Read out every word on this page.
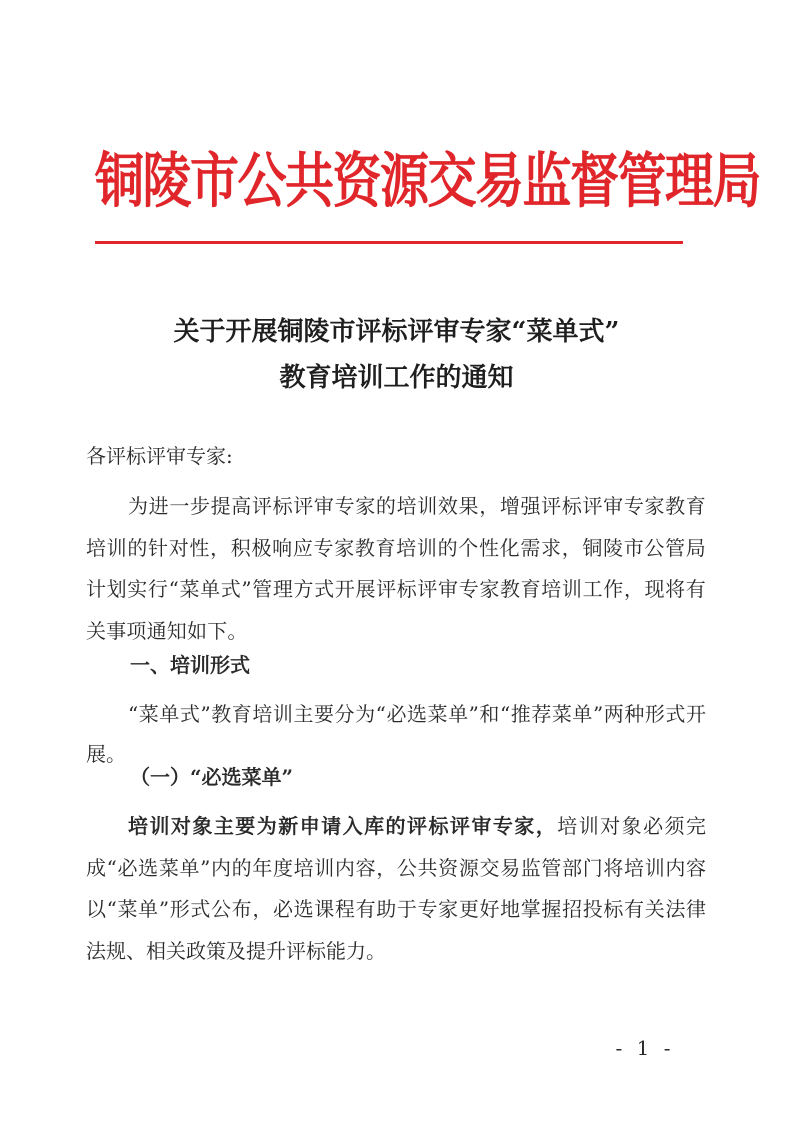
铜陵市公共资源交易监督管理局
关于开展铜陵市评标评审专家“菜单式”
教育培训工作的通知
各评标评审专家:
为进一步提高评标评审专家的培训效果，增强评标评审专家教育培训的针对性，积极响应专家教育培训的个性化需求，铜陵市公管局计划实行“菜单式”管理方式开展评标评审专家教育培训工作，现将有关事项通知如下。
一、培训形式
“菜单式”教育培训主要分为“必选菜单”和“推荐菜单”两种形式开展。
（一）“必选菜单”
培训对象主要为新申请入库的评标评审专家，培训对象必须完成“必选菜单”内的年度培训内容，公共资源交易监管部门将培训内容以“菜单”形式公布，必选课程有助于专家更好地掌握招投标有关法律法规、相关政策及提升评标能力。
- 1 -
